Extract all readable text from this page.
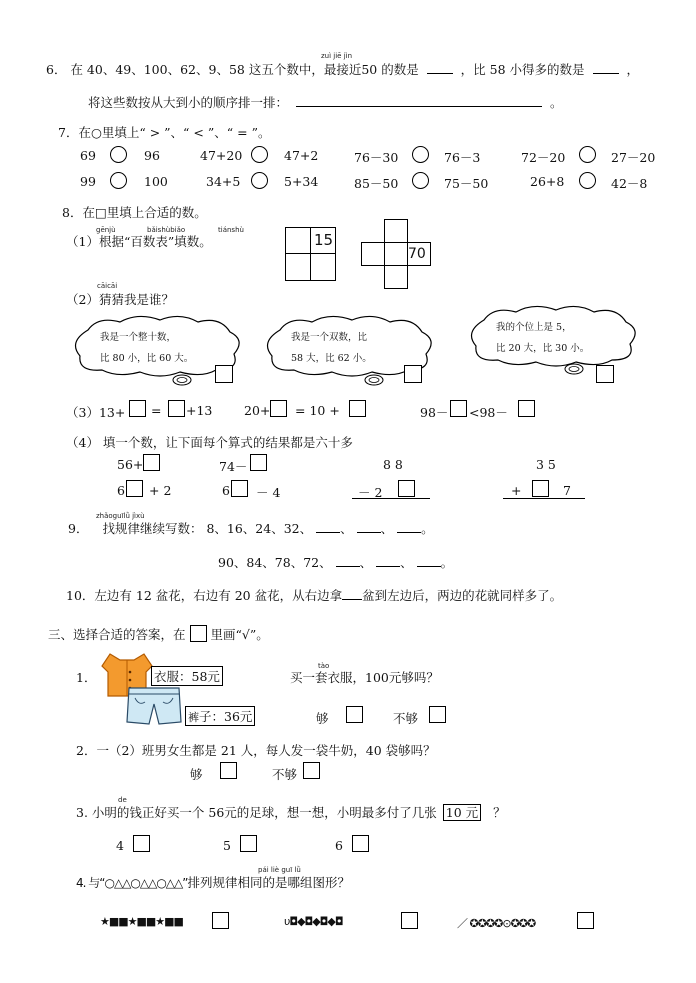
zuì jiē jìn
6． 在 40、49、100、62、9、58 这五个数中，最接近50 的数是	，比 58 小得多的数是	，
将这些数按从大到小的顺序排一排：	。
7．在○里填上“ > ”、“ < ”、“ = ”。
69	96	47+20	47+2	76－30	76－3	72－20	27－20
99	100	34+5	5+34	85－50	75－50	26+8	42－8
8．在□里填上合适的数。
gēnjù	bǎishùbiǎo	tiánshù
（1）根据“百数表”填数。	15
70
cāicāi
（2）猜猜我是谁？
我是一个整十数，
比 80 小，比 60 大。
我是一个双数，比
58 大，比 62 小。
我的个位上是 5，
比 20 大，比 30 小。
（3）13+ = +13	20+ = 10 +	98－ <98－
（4） 填一个数，让下面每个算式的结果都是六十多
56+	74－	8 8	3 5
6 + 2	6 － 4	－ 2	+	7
zhǎoguīlǜ jìxù
9． 找规律继续写数： 8、16、24、32、 、 、 。
90、84、78、72、 、 、 。
10．左边有 12 盆花，右边有 20 盆花，从右边拿 盆到左边后，两边的花就同样多了。
三、选择合适的答案，在 里画“√”。
1．	衣服：58元
裤子：36元
tào
买一套衣服，100元够吗？
够	不够
2．一（2）班男女生都是 21 人，每人发一袋牛奶，40 袋够吗？
够	不够
de
3. 小明的钱正好买一个 56元的足球，想一想，小明最多付了几张 10 元 ？
4	5	6
pái liè guī lǜ
4. 与“○△△○△△○△△”排列规律相同的是哪组图形？
★■■★■■★■■	υ◘◆◘◆◘◆◘	／ ✪✪✪✪⊙✪✪✪
